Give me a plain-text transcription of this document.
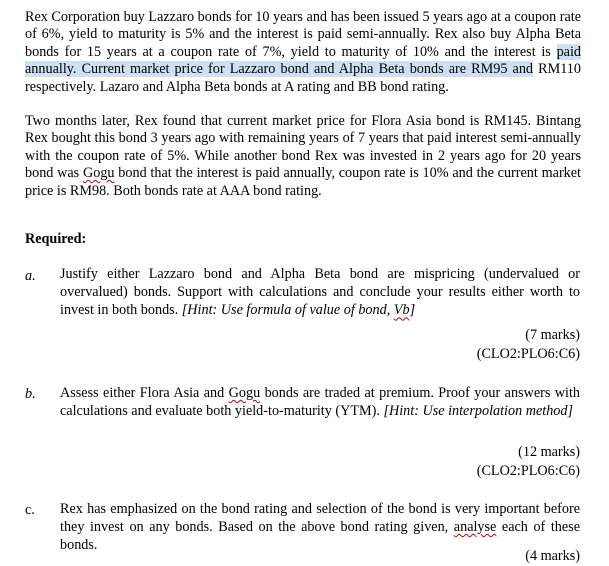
Rex Corporation buy Lazzaro bonds for 10 years and has been issued 5 years ago at a coupon rate of 6%, yield to maturity is 5% and the interest is paid semi-annually. Rex also buy Alpha Beta bonds for 15 years at a coupon rate of 7%, yield to maturity of 10% and the interest is paid annually. Current market price for Lazzaro bond and Alpha Beta bonds are RM95 and RM110 respectively. Lazaro and Alpha Beta bonds at A rating and BB bond rating.

Two months later, Rex found that current market price for Flora Asia bond is RM145. Bintang Rex bought this bond 3 years ago with remaining years of 7 years that paid interest semi-annually with the coupon rate of 5%. While another bond Rex was invested in 2 years ago for 20 years bond was Gogu bond that the interest is paid annually, coupon rate is 10% and the current market price is RM98. Both bonds rate at AAA bond rating.

Required:

a. Justify either Lazzaro bond and Alpha Beta bond are mispricing (undervalued or overvalued) bonds. Support with calculations and conclude your results either worth to invest in both bonds. [Hint: Use formula of value of bond, Vb]

(7 marks)
(CLO2:PLO6:C6)
b. Assess either Flora Asia and Gogu bonds are traded at premium. Proof your answers with calculations and evaluate both yield-to-maturity (YTM). [Hint: Use interpolation method]

(12 marks)
(CLO2:PLO6:C6)
c. Rex has emphasized on the bond rating and selection of the bond is very important before they invest on any bonds. Based on the above bond rating given, analyse each of these bonds.

(4 marks)
